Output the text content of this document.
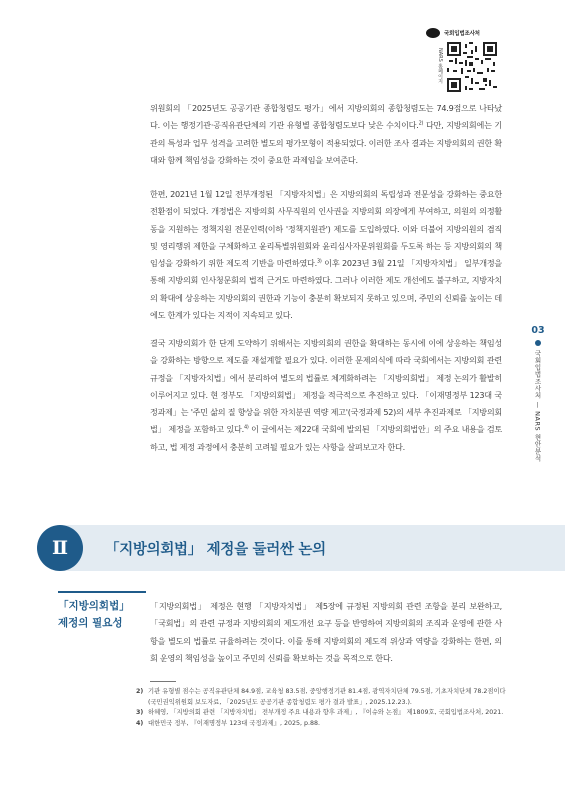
국회입법조사처
NARS 홈페이지

위원회의 「2025년도 공공기관 종합청렴도 평가」에서 지방의회의 종합청렴도는 74.9점으로 나타났다. 이는 행정기관·공직유관단체의 기관 유형별 종합청렴도보다 낮은 수치이다.$^{2)}$ 다만, 지방의회에는 기관의 특성과 업무 성격을 고려한 별도의 평가모형이 적용되었다. 이러한 조사 결과는 지방의회의 권한 확대와 함께 책임성을 강화하는 것이 중요한 과제임을 보여준다.

한편, 2021년 1월 12일 전부개정된 「지방자치법」은 지방의회의 독립성과 전문성을 강화하는 중요한 전환점이 되었다. 개정법은 지방의회 사무직원의 인사권을 지방의회 의장에게 부여하고, 의원의 의정활동을 지원하는 정책지원 전문인력(이하 '정책지원관') 제도를 도입하였다. 이와 더불어 지방의원의 겸직 및 영리행위 제한을 구체화하고 윤리특별위원회와 윤리심사자문위원회를 두도록 하는 등 지방의회의 책임성을 강화하기 위한 제도적 기반을 마련하였다.$^{3)}$ 이후 2023년 3월 21일 「지방자치법」 일부개정을 통해 지방의회 인사청문회의 법적 근거도 마련하였다. 그러나 이러한 제도 개선에도 불구하고, 지방자치의 확대에 상응하는 지방의회의 권한과 기능이 충분히 확보되지 못하고 있으며, 주민의 신뢰를 높이는 데에도 한계가 있다는 지적이 지속되고 있다.

결국 지방의회가 한 단계 도약하기 위해서는 지방의회의 권한을 확대하는 동시에 이에 상응하는 책임성을 강화하는 방향으로 제도를 재설계할 필요가 있다. 이러한 문제의식에 따라 국회에서는 지방의회 관련 규정을 「지방자치법」에서 분리하여 별도의 법률로 체계화하려는 「지방의회법」 제정 논의가 활발히 이루어지고 있다. 현 정부도 「지방의회법」 제정을 적극적으로 추진하고 있다. 「이재명정부 123대 국정과제」는 '주민 삶의 질 향상을 위한 자치분권 역량 제고'(국정과제 52)의 세부 추진과제로 「지방의회법」 제정을 포함하고 있다.$^{4)}$ 이 글에서는 제22대 국회에 발의된 「지방의회법안」의 주요 내용을 검토하고, 법 제정 과정에서 충분히 고려될 필요가 있는 사항을 살펴보고자 한다.

03
국회입법조사처 — NARS 현안분석
「지방의회법」 제정을 둘러싼 논의
Ⅱ
「지방의회법」
제정의 필요성

「지방의회법」 제정은 현행 「지방자치법」 제5장에 규정된 지방의회 관련 조항을 분리 보완하고, 「국회법」의 관련 규정과 지방의회의 제도개선 요구 등을 반영하여 지방의회의 조직과 운영에 관한 사항을 별도의 법률로 규율하려는 것이다. 이를 통해 지방의회의 제도적 위상과 역량을 강화하는 한편, 의회 운영의 책임성을 높이고 주민의 신뢰를 확보하는 것을 목적으로 한다.

2) 기관 유형별 점수는 공직유관단체 84.9점, 교육청 83.5점, 중앙행정기관 81.4점, 광역자치단체 79.5점, 기초자치단체 78.2점이다(국민권익위원회 보도자료, 「2025년도 공공기관 종합청렴도 평가 결과 발표」, 2025.12.23.).
3) 하혜영, 「지방의회 관련 「지방자치법」 전부개정 주요 내용과 향후 과제」, 『이슈와 논점』 제1809호, 국회입법조사처, 2021.
4) 대한민국 정부, 『이재명정부 123대 국정과제』, 2025, p.88.
